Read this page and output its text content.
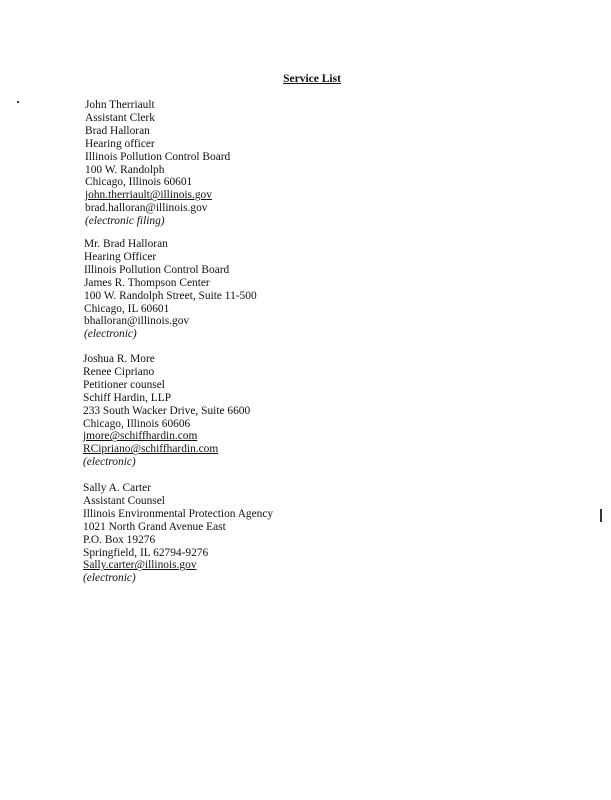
Service List
John Therriault
Assistant Clerk
Brad Halloran
Hearing officer
Illinois Pollution Control Board
100 W. Randolph
Chicago, Illinois 60601
john.therriault@illinois.gov
brad.halloran@illinois.gov
(electronic filing)
Mr. Brad Halloran
Hearing Officer
Illinois Pollution Control Board
James R. Thompson Center
100 W. Randolph Street, Suite 11-500
Chicago, IL 60601
bhalloran@illinois.gov
(electronic)
Joshua R. More
Renee Cipriano
Petitioner counsel
Schiff Hardin, LLP
233 South Wacker Drive, Suite 6600
Chicago, Illinois 60606
jmore@schiffhardin.com
RCipriano@schiffhardin.com
(electronic)
Sally A. Carter
Assistant Counsel
Illinois Environmental Protection Agency
1021 North Grand Avenue East
P.O. Box 19276
Springfield, IL 62794-9276
Sally.carter@illinois.gov
(electronic)
